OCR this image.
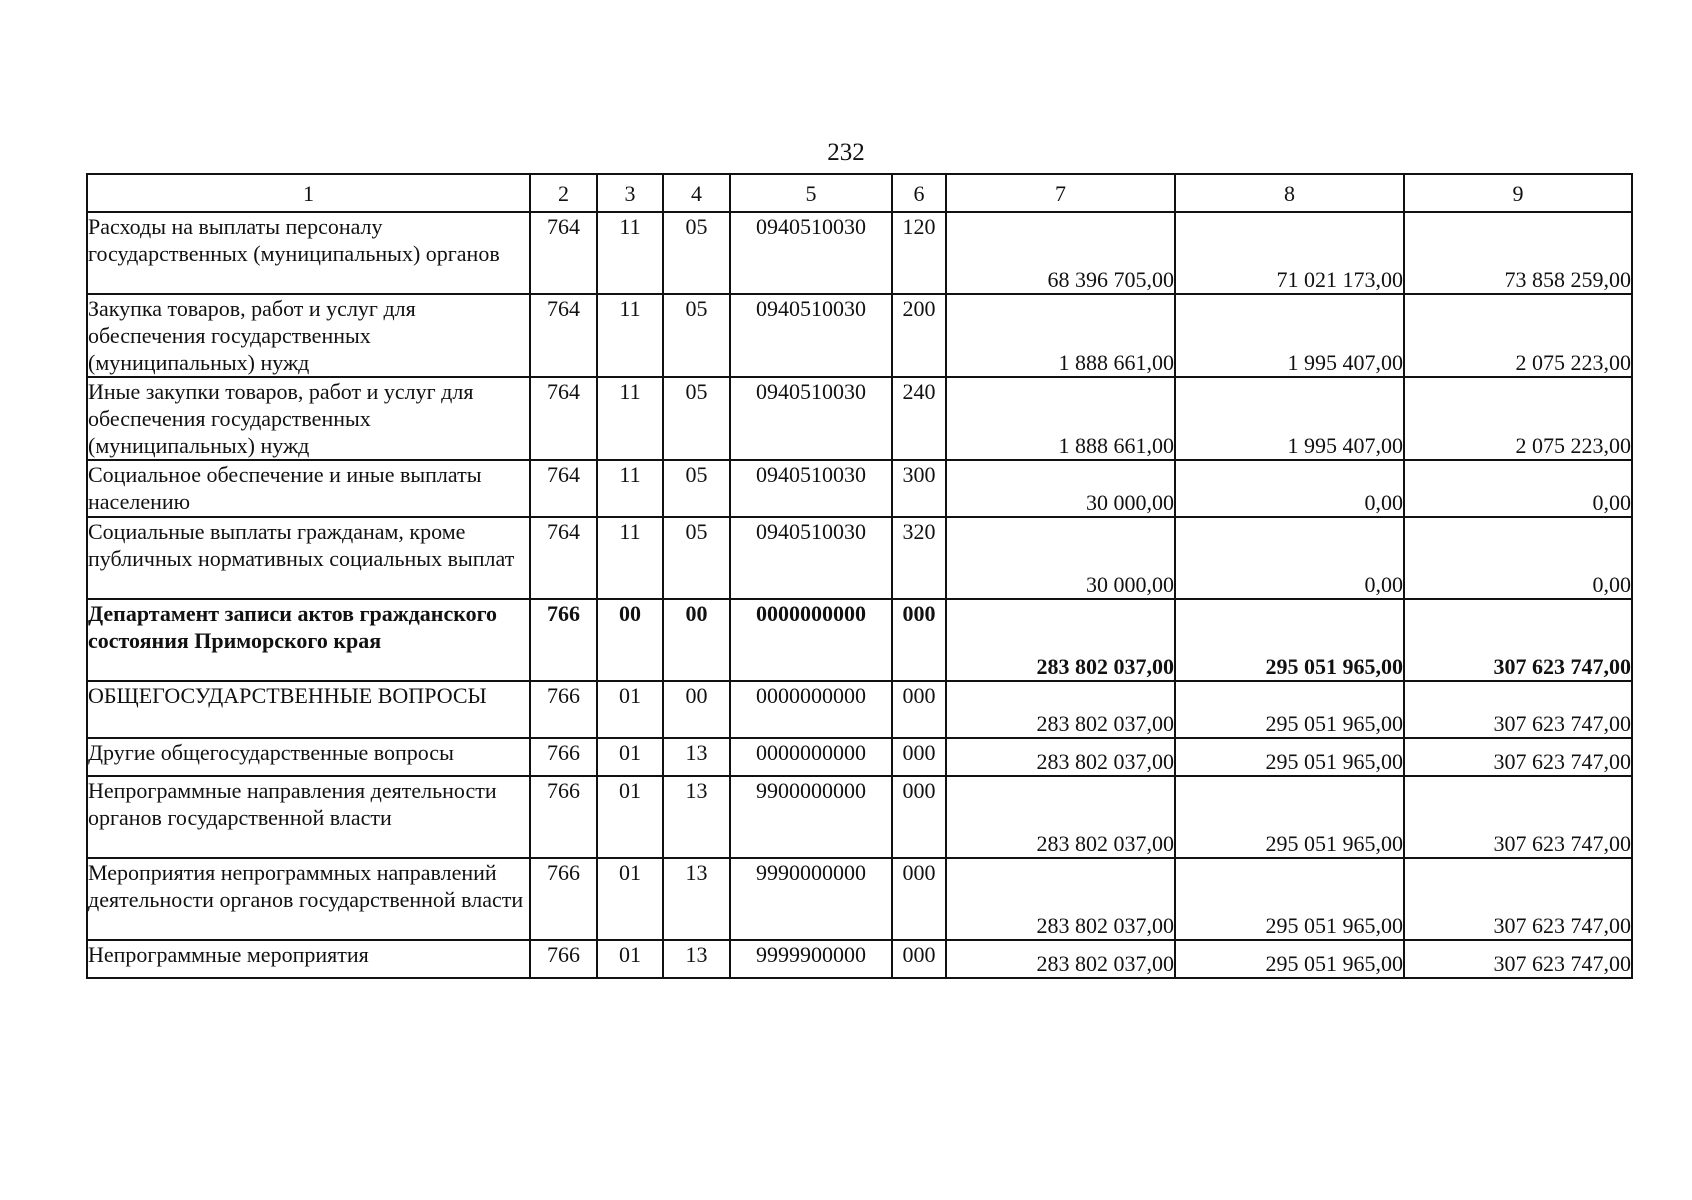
232
1	2	3	4	5	6	7	8	9
Расходы на выплаты персоналу государственных (муниципальных) органов	764	11	05	0940510030	120	68 396 705,00	71 021 173,00	73 858 259,00
Закупка товаров, работ и услуг для обеспечения государственных (муниципальных) нужд	764	11	05	0940510030	200	1 888 661,00	1 995 407,00	2 075 223,00
Иные закупки товаров, работ и услуг для обеспечения государственных (муниципальных) нужд	764	11	05	0940510030	240	1 888 661,00	1 995 407,00	2 075 223,00
Социальное обеспечение и иные выплаты населению	764	11	05	0940510030	300	30 000,00	0,00	0,00
Социальные выплаты гражданам, кроме публичных нормативных социальных выплат	764	11	05	0940510030	320	30 000,00	0,00	0,00
Департамент записи актов гражданского состояния Приморского края	766	00	00	0000000000	000	283 802 037,00	295 051 965,00	307 623 747,00
ОБЩЕГОСУДАРСТВЕННЫЕ ВОПРОСЫ	766	01	00	0000000000	000	283 802 037,00	295 051 965,00	307 623 747,00
Другие общегосударственные вопросы	766	01	13	0000000000	000	283 802 037,00	295 051 965,00	307 623 747,00
Непрограммные направления деятельности органов государственной власти	766	01	13	9900000000	000	283 802 037,00	295 051 965,00	307 623 747,00
Мероприятия непрограммных направлений деятельности органов государственной власти	766	01	13	9990000000	000	283 802 037,00	295 051 965,00	307 623 747,00
Непрограммные мероприятия	766	01	13	9999900000	000	283 802 037,00	295 051 965,00	307 623 747,00
